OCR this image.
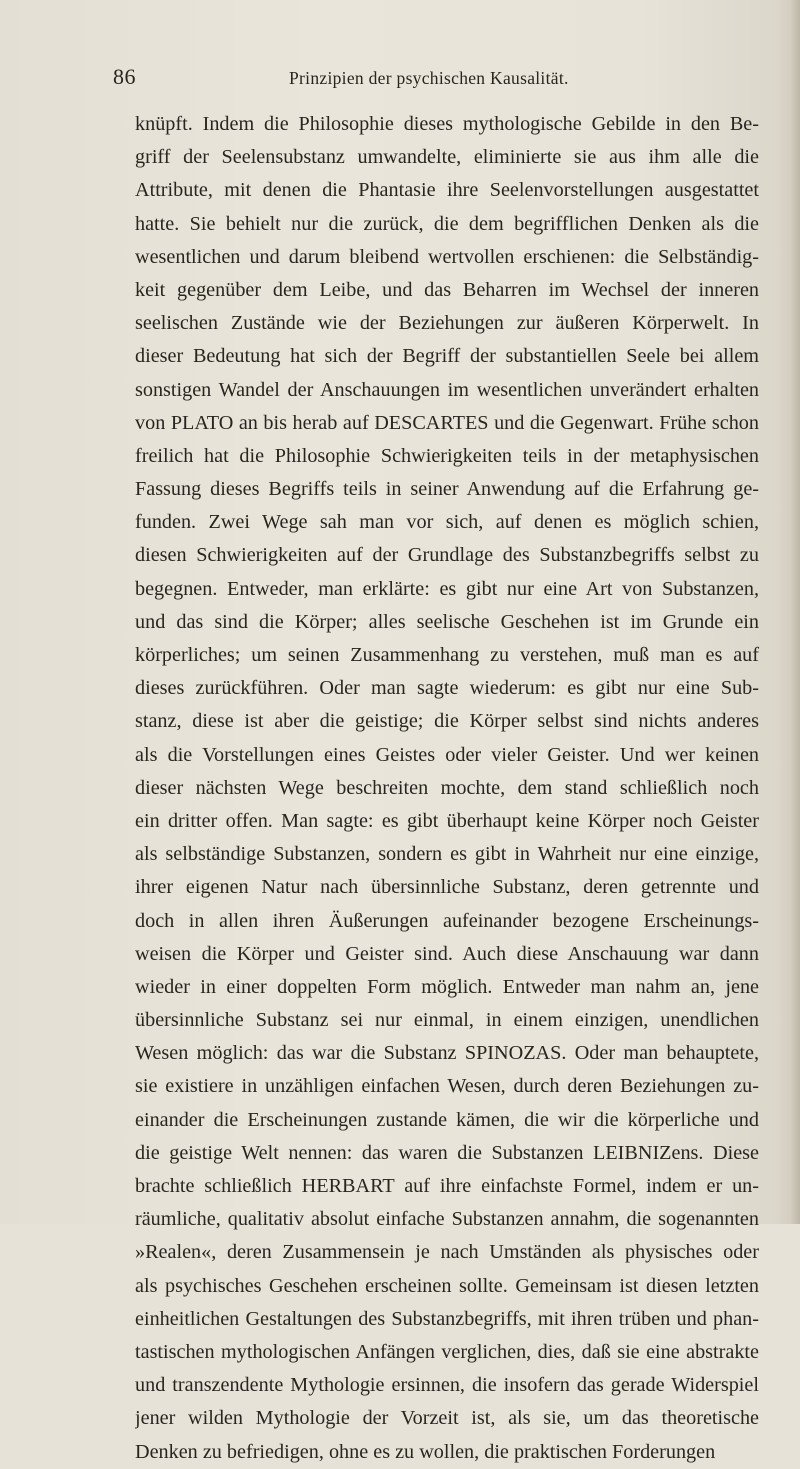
86	Prinzipien der psychischen Kausalität.
knüpft. Indem die Philosophie dieses mythologische Gebilde in den Be-
griff der Seelensubstanz umwandelte, eliminierte sie aus ihm alle die
Attribute, mit denen die Phantasie ihre Seelenvorstellungen ausgestattet
hatte. Sie behielt nur die zurück, die dem begrifflichen Denken als die
wesentlichen und darum bleibend wertvollen erschienen: die Selbständig-
keit gegenüber dem Leibe, und das Beharren im Wechsel der inneren
seelischen Zustände wie der Beziehungen zur äußeren Körperwelt. In
dieser Bedeutung hat sich der Begriff der substantiellen Seele bei allem
sonstigen Wandel der Anschauungen im wesentlichen unverändert erhalten
von PLATO an bis herab auf DESCARTES und die Gegenwart. Frühe schon
freilich hat die Philosophie Schwierigkeiten teils in der metaphysischen
Fassung dieses Begriffs teils in seiner Anwendung auf die Erfahrung ge-
funden. Zwei Wege sah man vor sich, auf denen es möglich schien,
diesen Schwierigkeiten auf der Grundlage des Substanzbegriffs selbst zu
begegnen. Entweder, man erklärte: es gibt nur eine Art von Substanzen,
und das sind die Körper; alles seelische Geschehen ist im Grunde ein
körperliches; um seinen Zusammenhang zu verstehen, muß man es auf
dieses zurückführen. Oder man sagte wiederum: es gibt nur eine Sub-
stanz, diese ist aber die geistige; die Körper selbst sind nichts anderes
als die Vorstellungen eines Geistes oder vieler Geister. Und wer keinen
dieser nächsten Wege beschreiten mochte, dem stand schließlich noch
ein dritter offen. Man sagte: es gibt überhaupt keine Körper noch Geister
als selbständige Substanzen, sondern es gibt in Wahrheit nur eine einzige,
ihrer eigenen Natur nach übersinnliche Substanz, deren getrennte und
doch in allen ihren Äußerungen aufeinander bezogene Erscheinungs-
weisen die Körper und Geister sind. Auch diese Anschauung war dann
wieder in einer doppelten Form möglich. Entweder man nahm an, jene
übersinnliche Substanz sei nur einmal, in einem einzigen, unendlichen
Wesen möglich: das war die Substanz SPINOZAS. Oder man behauptete,
sie existiere in unzähligen einfachen Wesen, durch deren Beziehungen zu-
einander die Erscheinungen zustande kämen, die wir die körperliche und
die geistige Welt nennen: das waren die Substanzen LEIBNIZens. Diese
brachte schließlich HERBART auf ihre einfachste Formel, indem er un-
räumliche, qualitativ absolut einfache Substanzen annahm, die sogenannten
»Realen«, deren Zusammensein je nach Umständen als physisches oder
als psychisches Geschehen erscheinen sollte. Gemeinsam ist diesen letzten
einheitlichen Gestaltungen des Substanzbegriffs, mit ihren trüben und phan-
tastischen mythologischen Anfängen verglichen, dies, daß sie eine abstrakte
und transzendente Mythologie ersinnen, die insofern das gerade Widerspiel
jener wilden Mythologie der Vorzeit ist, als sie, um das theoretische
Denken zu befriedigen, ohne es zu wollen, die praktischen Forderungen
